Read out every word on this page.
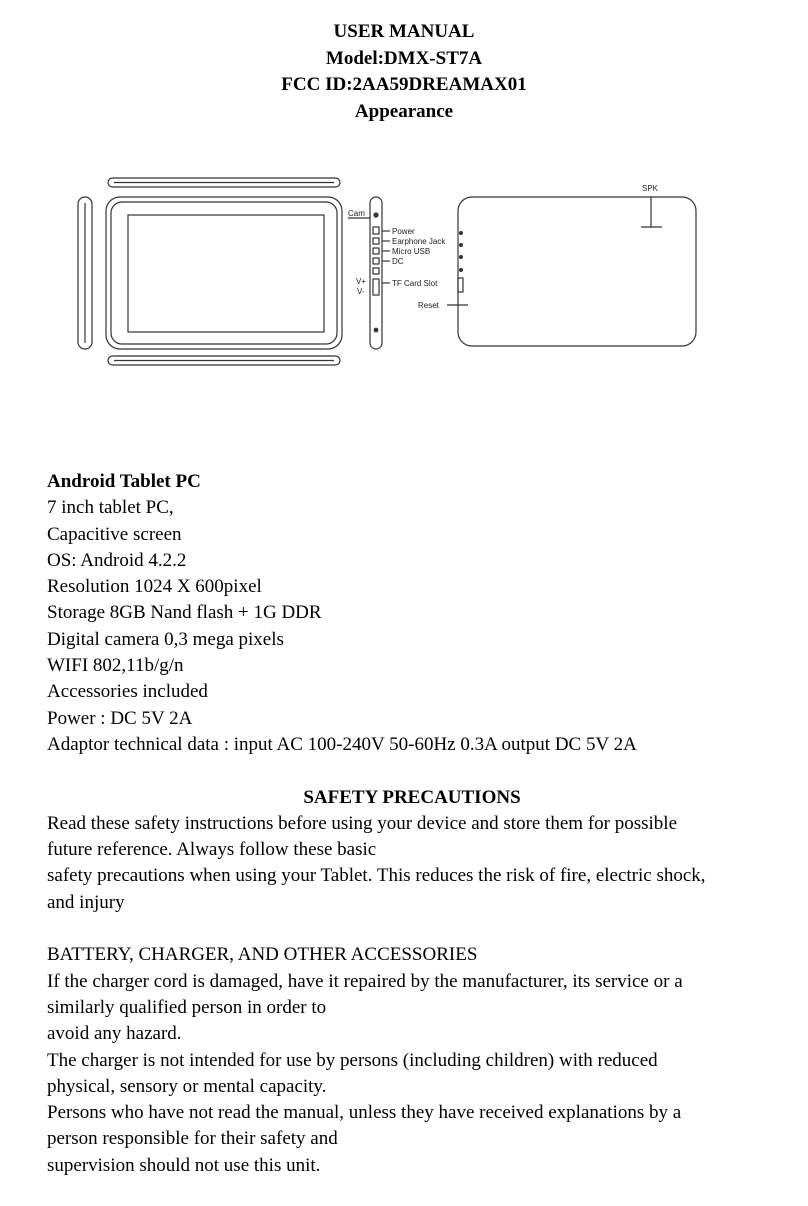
USER MANUAL
Model:DMX-ST7A
FCC ID:2AA59DREAMAX01
Appearance
Cam
Power
Earphone Jack
Micro USB
DC
TF Card Slot
V+
V-
SPK
Reset
Android Tablet PC
7 inch tablet PC,
Capacitive screen
OS: Android 4.2.2
Resolution 1024 X 600pixel
Storage 8GB Nand flash + 1G DDR
Digital camera 0,3 mega pixels
WIFI 802,11b/g/n
Accessories included
Power : DC 5V 2A
Adaptor technical data : input AC 100-240V 50-60Hz 0.3A output DC 5V 2A
SAFETY PRECAUTIONS
Read these safety instructions before using your device and store them for possible
future reference. Always follow these basic
safety precautions when using your Tablet. This reduces the risk of fire, electric shock,
and injury
BATTERY, CHARGER, AND OTHER ACCESSORIES
If the charger cord is damaged, have it repaired by the manufacturer, its service or a
similarly qualified person in order to
avoid any hazard.
The charger is not intended for use by persons (including children) with reduced
physical, sensory or mental capacity.
Persons who have not read the manual, unless they have received explanations by a
person responsible for their safety and
supervision should not use this unit.
